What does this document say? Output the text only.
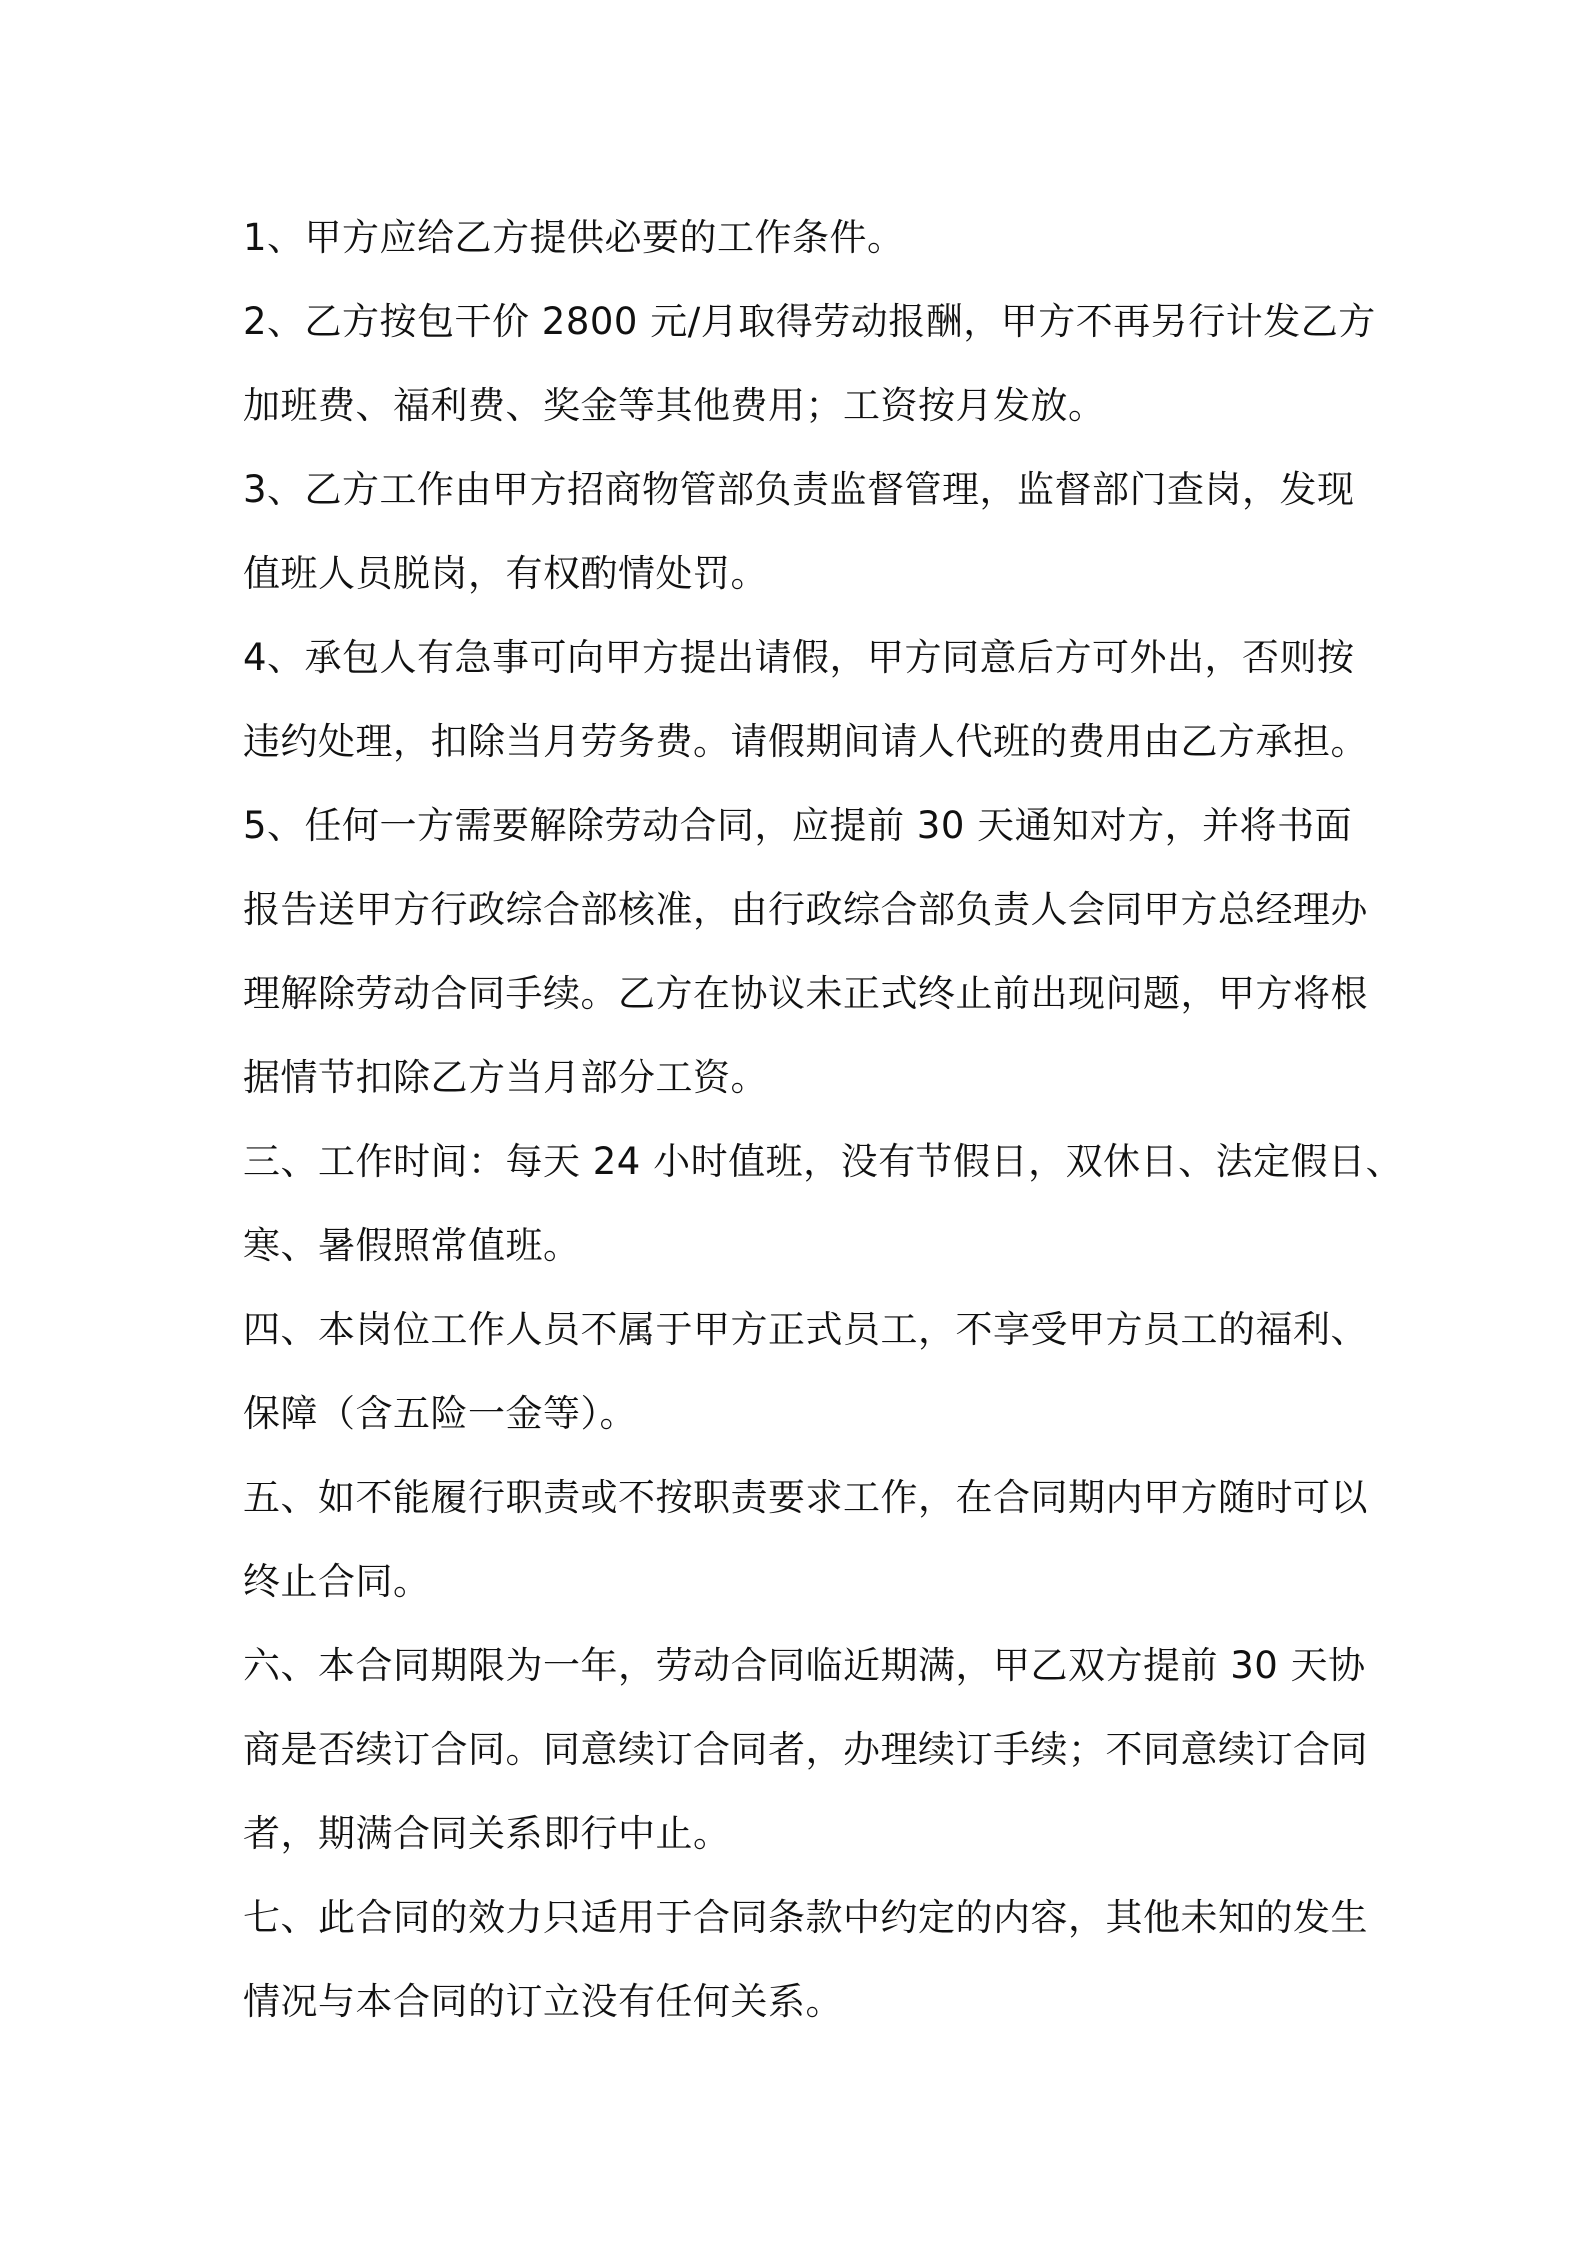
1、甲方应给乙方提供必要的工作条件。
2、乙方按包干价 2800 元/月取得劳动报酬，甲方不再另行计发乙方
加班费、福利费、奖金等其他费用；工资按月发放。
3、乙方工作由甲方招商物管部负责监督管理，监督部门查岗，发现
值班人员脱岗，有权酌情处罚。
4、承包人有急事可向甲方提出请假，甲方同意后方可外出，否则按
违约处理，扣除当月劳务费。请假期间请人代班的费用由乙方承担。
5、任何一方需要解除劳动合同，应提前 30 天通知对方，并将书面
报告送甲方行政综合部核准，由行政综合部负责人会同甲方总经理办
理解除劳动合同手续。乙方在协议未正式终止前出现问题，甲方将根
据情节扣除乙方当月部分工资。
三、工作时间：每天 24 小时值班，没有节假日，双休日、法定假日、
寒、暑假照常值班。
四、本岗位工作人员不属于甲方正式员工，不享受甲方员工的福利、
保障（含五险一金等）。
五、如不能履行职责或不按职责要求工作，在合同期内甲方随时可以
终止合同。
六、本合同期限为一年，劳动合同临近期满，甲乙双方提前 30 天协
商是否续订合同。同意续订合同者，办理续订手续；不同意续订合同
者，期满合同关系即行中止。
七、此合同的效力只适用于合同条款中约定的内容，其他未知的发生
情况与本合同的订立没有任何关系。
